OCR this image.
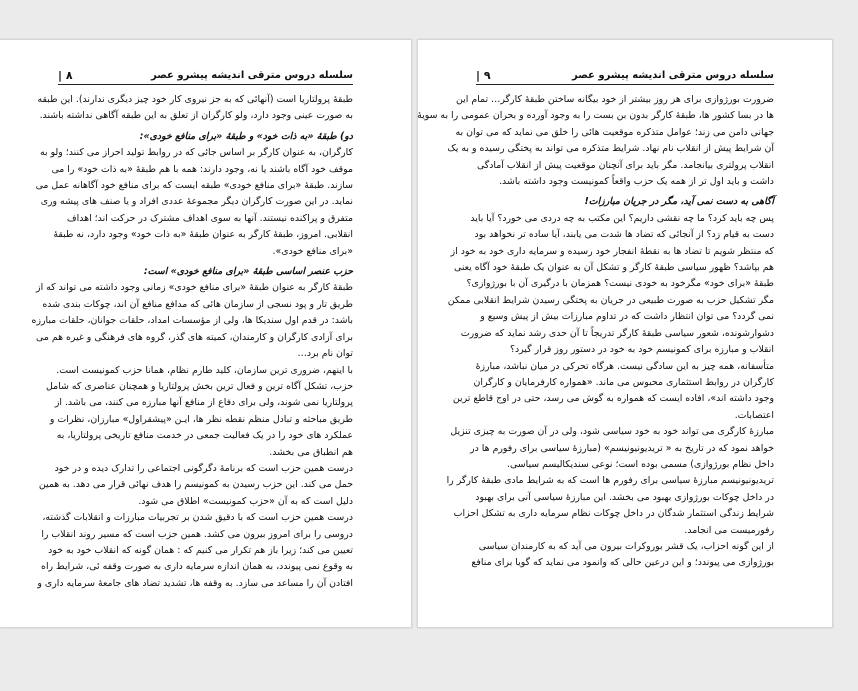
سلسله دروس مترقی اندیشه پیشرو عصر
۸ |

طبقهٔ پرولتاریا است (آنهائی که به جز نیروی کار خود چیز دیگری ندارند). این طبقه

به صورت عینی وجود دارد، ولو کارگران از تعلق به این طبقه آگاهی نداشته باشند.

دو) طبقهٔ «به ذات خود» و طبقهٔ «برای منافع خودی»:

کارگران، به عنوان کارگر بر اساس جائی که در روابط تولید احراز می کنند؛ ولو به

موقف خود آگاه باشند یا نه، وجود دارند: همه با هم طبقهٔ «به ذات خود» را می

سازند. طبقهٔ «برای منافع خودی» طبقه ایست که برای منافع خود آگاهانه عمل می

نماید. در این صورت کارگران دیگر مجموعهٔ عددی افراد و یا صنف های پیشه وری

متفرق و پراکنده نیستند. آنها به سوی اهداف مشترک در حرکت اند؛ اهداف

انقلابی. امروز، طبقهٔ کارگر به عنوان طبقهٔ «به ذات خود» وجود دارد، نه طبقهٔ

«برای منافع خودی».

حزب عنصر اساسی طبقهٔ «برای منافع خودی» است:

طبقهٔ کارگر به عنوان طبقهٔ «برای منافع خودی» زمانی وجود داشته می تواند که از

طریق تار و پود نسجی از سازمان هائی که مدافع منافع آن اند، چوکات بندی شده

باشد: در قدم اول سندیکا ها، ولی از مؤسسات امداد، حلقات جوانان، حلقات مبارزه

برای آزادی کارگران و کارمندان، کمیته های گذر، گروه های فرهنگی و غیره هم می

توان نام برد…

با اینهم، ضروری ترین سازمان، کلید طارم نظام، همانا حزب کمونیست است.

حزب، تشکل آگاه ترین و فعال ترین بخش پرولتاریا و همچنان عناصری که شامل

پرولتاریا نمی شوند، ولی برای دفاع از منافع آنها مبارزه می کنند، می باشد. از

طریق مباحثه و تبادل منظم نقطه نظر ها، ایـن «پیشقراول» مبارزان، نظرات و

عملکرد های خود را در یک فعالیت جمعی در خدمت منافع تاریخی پرولتاریا، به

هم انطباق می بخشد.

درست همین حزب است که برنامهٔ دگرگونی اجتماعی را تدارک دیده و در خود

حمل می کند. این حزب رسیدن به کمونیسم را هدف نهائی قرار می دهد. به همین

دلیل است که به آن «حزب کمونیست» اطلاق می شود.

درست همین حزب است که با دقیق شدن بر تجربیات مبارزات و انقلابات گذشته،

دروسی را برای امروز بیرون می کشد. همین حزب است که مسیر روند انقلاب را

تعیین می کند؛ زیرا باز هم تکرار می کنیم که : همان گونه که انقلاب خود به خود

به وقوع نمی پیوندد، به همان اندازه سرمایه داری به صورت وقفه ئی، شرایط راه

افتادن آن را مساعد می سازد. به وقفه ها، تشدید تضاد های جامعهٔ سرمایه داری و

سلسله دروس مترقی اندیشه پیشرو عصر
۹ |

ضرورت بورژوازی برای هر روز بیشتر از خود بیگانه ساختن طبقهٔ کارگر… تمام این

ها در بسا کشور ها، طبقهٔ کارگر بدون بن بست را به وجود آورده و بحران عمومی را به سویهٔ

جهانی دامن می زند؛ عوامل متذکره موقعیت هائی را خلق می نماید که می توان به

آن شرایط پیش از انقلاب نام نهاد. شرایط متذکره می تواند به پختگی رسیده و به یک

انقلاب پرولتری بیانجامد. مگر باید برای آنچنان موقعیت پیش از انقلاب آمادگی

داشت و باید اول تر از همه یک حزب واقعاً کمونیست وجود داشته باشد.

آگاهی به دست نمی آید، مگر در جریان مبارزات!

پس چه باید کرد؟ ما چه نقشی داریم؟ این مکتب به چه دردی می خورد؟ آیا باید

دست به قیام زد؟ از آنجائی که تضاد ها شدت می یابند، آیا ساده تر نخواهد بود

که منتظر شویم تا تضاد ها به نقطهٔ انفجار خود رسیده و سرمایه داری خود به خود از

هم بپاشد؟ ظهور سیاسی طبقهٔ کارگر و تشکل آن به عنوان یک طبقهٔ خود آگاه یعنی

طبقهٔ «برای خود» مگرخود به خودی نیست؟ همزمان با درگیری آن با بورژوازی؟

مگر تشکیل حزب به صورت طبیعی در جریان به پختگی رسیدن شرایط انقلابی ممکن

نمی گردد؟ می توان انتظار داشت که در تداوم مبارزات بیش از پیش وسیع و

دشوارشونده، شعور سیاسی طبقهٔ کارگر تدریجاً تا آن حدی رشد نماید که ضرورت

انقلاب و مبارزه برای کمونیسم خود به خود در دستور روز قرار گیرد؟

متأسفانه، همه چیز به این سادگی نیست. هرگاه تحرکی در میان نباشد، مبارزهٔ

کارگران در روابط استثماری محبوس می ماند. «همواره کارفرمایان و کارگران

وجود داشته اند»، افاده ایست که همواره به گوش می رسد، حتی در اوج قاطع ترین

اعتصابات.

مبارزهٔ کارگری می تواند خود به خود سیاسی شود، ولی در آن صورت به چیزی تنزیل

خواهد نمود که در تاریخ به « تریدیونیونیسم» (مبارزهٔ سیاسی برای رفورم ها در

داخل نظام بورژوازی) مسمی بوده است؛ نوعی سندیکالیسم سیاسی.

تریدیونیونیسم مبارزهٔ سیاسی برای رفورم ها است که به شرایط مادی طبقهٔ کارگر را

در داخل چوکات بورژوازی بهبود می بخشد. این مبارزهٔ سیاسی آنی برای بهبود

شرایط زندگی استثمار شدگان در داخل چوکات نظام سرمایه داری به تشکل احزاب

رفورمیست می انجامد.

از این گونه احزاب، یک قشر بوروکرات بیرون می آید که به کارمندان سیاسی

بورژوازی می پیوندد؛ و این درعین حالی که وانمود می نماید که گویا برای منافع
